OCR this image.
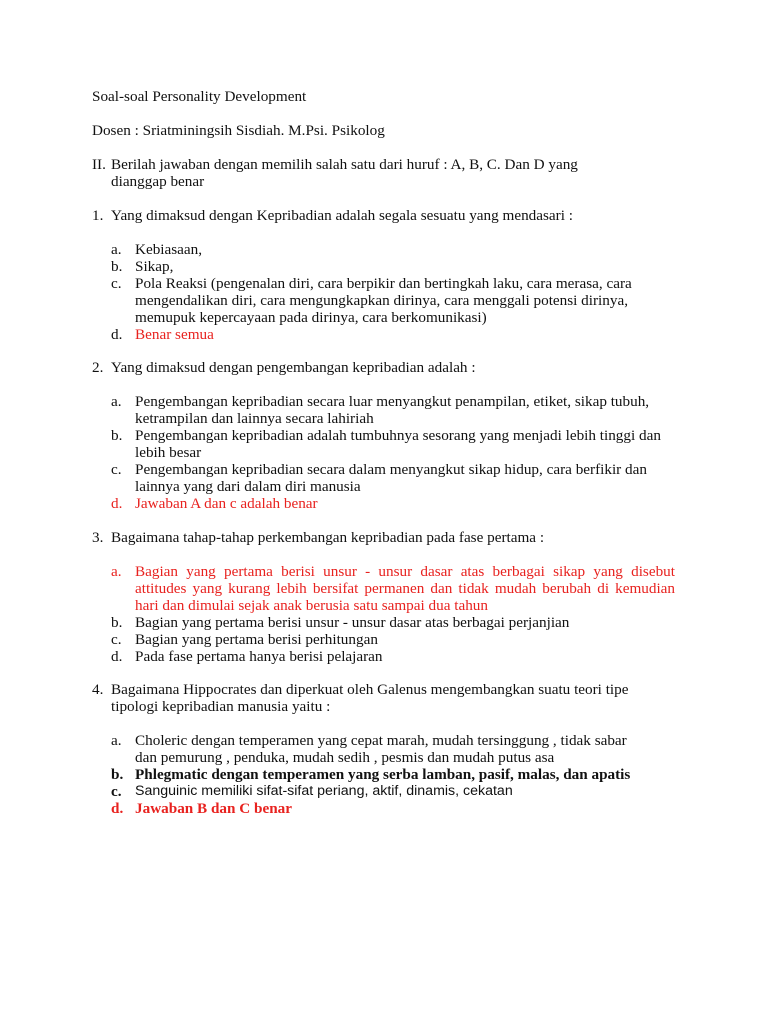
Soal-soal Personality Development
Dosen : Sriatminingsih Sisdiah. M.Psi. Psikolog
II. Berilah jawaban dengan memilih salah satu dari huruf : A, B, C. Dan D yang
dianggap benar
1. Yang dimaksud dengan Kepribadian adalah segala sesuatu yang mendasari :
a. Kebiasaan,
b. Sikap,
c. Pola Reaksi (pengenalan diri, cara berpikir dan bertingkah laku, cara merasa, cara
mengendalikan diri, cara mengungkapkan dirinya, cara menggali potensi dirinya,
memupuk kepercayaan pada dirinya, cara berkomunikasi)
d. Benar semua
2. Yang dimaksud dengan pengembangan kepribadian adalah :
a. Pengembangan kepribadian secara luar menyangkut penampilan, etiket, sikap tubuh,
ketrampilan dan lainnya secara lahiriah
b. Pengembangan kepribadian adalah tumbuhnya sesorang yang menjadi lebih tinggi dan
lebih besar
c. Pengembangan kepribadian secara dalam menyangkut sikap hidup, cara berfikir dan
lainnya yang dari dalam diri manusia
d. Jawaban A dan c adalah benar
3. Bagaimana tahap-tahap perkembangan kepribadian pada fase pertama :
a. Bagian yang pertama berisi unsur - unsur dasar atas berbagai sikap yang disebut
attitudes yang kurang lebih bersifat permanen dan tidak mudah berubah di kemudian
hari dan dimulai sejak anak berusia satu sampai dua tahun
b. Bagian yang pertama berisi unsur - unsur dasar atas berbagai perjanjian
c. Bagian yang pertama berisi perhitungan
d. Pada fase pertama hanya berisi pelajaran
4. Bagaimana Hippocrates dan diperkuat oleh Galenus mengembangkan suatu teori tipe
tipologi kepribadian manusia yaitu :
a. Choleric dengan temperamen yang cepat marah, mudah tersinggung , tidak sabar
dan pemurung , penduka, mudah sedih , pesmis dan mudah putus asa
b. Phlegmatic dengan temperamen yang serba lamban, pasif, malas, dan apatis
c. Sanguinic memiliki sifat-sifat periang, aktif, dinamis, cekatan
d. Jawaban B dan C benar
